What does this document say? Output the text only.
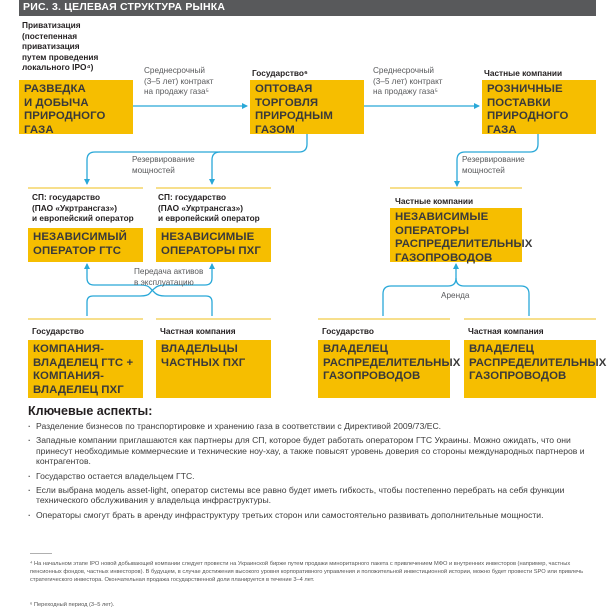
РИС. 3. ЦЕЛЕВАЯ СТРУКТУРА РЫНКА
Приватизация
(постепенная
приватизация
путем проведения
локального IPO⁴)
РАЗВЕДКА
И ДОБЫЧА
ПРИРОДНОГО
ГАЗА
Среднесрочный
(3–5 лет) контракт
на продажу газа⁵
Государство⁶
ОПТОВАЯ
ТОРГОВЛЯ
ПРИРОДНЫМ
ГАЗОМ
Среднесрочный
(3–5 лет) контракт
на продажу газа⁵
Частные компании
РОЗНИЧНЫЕ
ПОСТАВКИ
ПРИРОДНОГО
ГАЗА
Резервирование
мощностей
СП: государство
(ПАО «Укртрансгаз»)
и европейский оператор
НЕЗАВИСИМЫЙ
ОПЕРАТОР ГТС
СП: государство
(ПАО «Укртрансгаз»)
и европейский оператор
НЕЗАВИСИМЫЕ
ОПЕРАТОРЫ ПХГ
Передача активов
в эксплуатацию
Резервирование
мощностей
Частные компании
НЕЗАВИСИМЫЕ
ОПЕРАТОРЫ
РАСПРЕДЕЛИТЕЛЬНЫХ
ГАЗОПРОВОДОВ
Аренда
Государство
КОМПАНИЯ-
ВЛАДЕЛЕЦ ГТС +
КОМПАНИЯ-
ВЛАДЕЛЕЦ ПХГ
Частная компания
ВЛАДЕЛЬЦЫ
ЧАСТНЫХ ПХГ
Государство
ВЛАДЕЛЕЦ
РАСПРЕДЕЛИТЕЛЬНЫХ
ГАЗОПРОВОДОВ
Частная компания
ВЛАДЕЛЕЦ
РАСПРЕДЕЛИТЕЛЬНЫХ
ГАЗОПРОВОДОВ
Ключевые аспекты:
· Разделение бизнесов по транспортировке и хранению газа в соответствии с Директивой 2009/73/ЕС.
· Западные компании приглашаются как партнеры для СП, которое будет работать оператором ГТС Украины. Можно ожидать, что они принесут необходимые коммерческие и технические ноу-хау, а также повысят уровень доверия со стороны международных партнеров и контрагентов.
· Государство остается владельцем ГТС.
· Если выбрана модель asset-light, оператор системы все равно будет иметь гибкость, чтобы постепенно перебрать на себя функции технического обслуживания у владельца инфраструктуры.
· Операторы смогут брать в аренду инфраструктуру третьих сторон или самостоятельно развивать дополнительные мощности.
⁴ На начальном этапе IPO новой добывающей компании следует провести на Украинской бирже путем продажи миноритарного пакета с привлечением МФО и внутренних инвесторов (например, частных пенсионных фондов, частных инвесторов). В будущем, в случае достижения высокого уровня корпоративного управления и положительной инвестиционной истории, можно будет провести SPO или привлечь стратегического инвестора. Окончательная продажа государственной доли планируется в течение 3–4 лет.
⁶ Переходный период (3–5 лет).
